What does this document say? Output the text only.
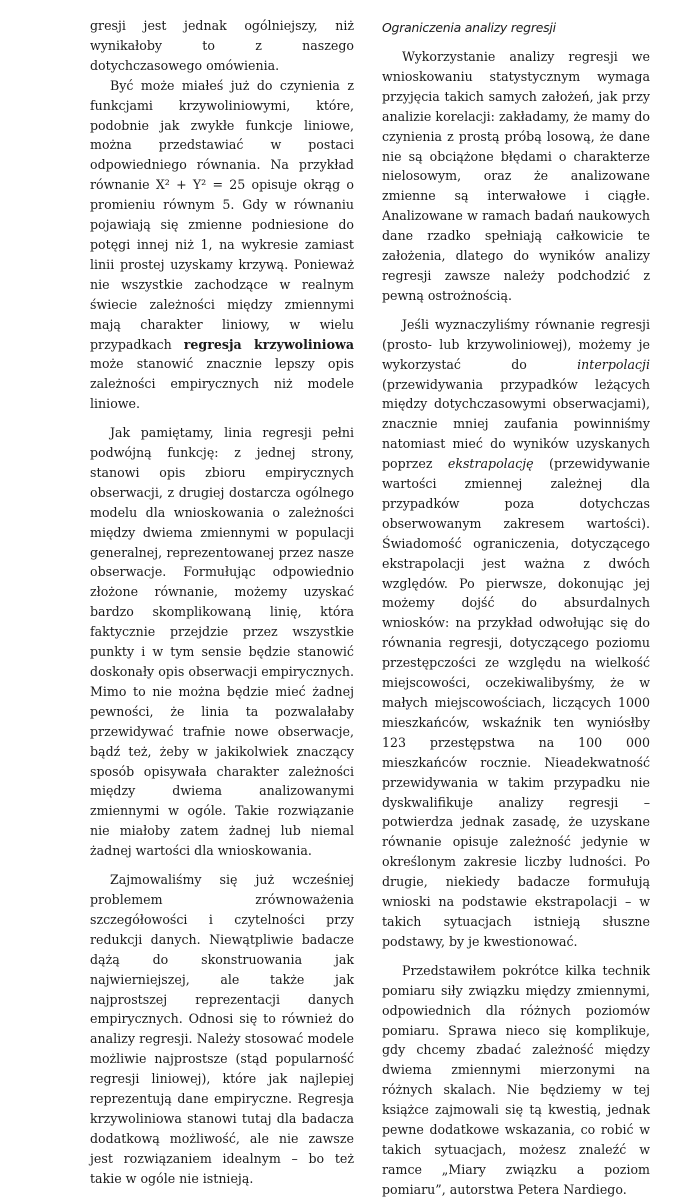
gresji jest jednak ogólniejszy, niż wynikałoby to z naszego dotychczasowego omówienia.

Być może miałeś już do czynienia z funkcjami krzywoliniowymi, które, podobnie jak zwykłe funkcje liniowe, można przedstawiać w postaci odpowiedniego równania. Na przykład równanie X² + Y² = 25 opisuje okrąg o promieniu równym 5. Gdy w równaniu pojawiają się zmienne podniesione do potęgi innej niż 1, na wykresie zamiast linii prostej uzyskamy krzywą. Ponieważ nie wszystkie zachodzące w realnym świecie zależności między zmiennymi mają charakter liniowy, w wielu przypadkach regresja krzywoliniowa może stanowić znacznie lepszy opis zależności empirycznych niż modele liniowe.

Jak pamiętamy, linia regresji pełni podwójną funkcję: z jednej strony, stanowi opis zbioru empirycznych obserwacji, z drugiej dostarcza ogólnego modelu dla wnioskowania o zależności między dwiema zmiennymi w populacji generalnej, reprezentowanej przez nasze obserwacje. Formułując odpowiednio złożone równanie, możemy uzyskać bardzo skomplikowaną linię, która faktycznie przejdzie przez wszystkie punkty i w tym sensie będzie stanowić doskonały opis obserwacji empirycznych. Mimo to nie można będzie mieć żadnej pewności, że linia ta pozwalałaby przewidywać trafnie nowe obserwacje, bądź też, żeby w jakikolwiek znaczący sposób opisywała charakter zależności między dwiema analizowanymi zmiennymi w ogóle. Takie rozwiązanie nie miałoby zatem żadnej lub niemal żadnej wartości dla wnioskowania.

Zajmowaliśmy się już wcześniej problemem zrównoważenia szczegółowości i czytelności przy redukcji danych. Niewątpliwie badacze dążą do skonstruowania jak najwierniejszej, ale także jak najprostszej reprezentacji danych empirycznych. Odnosi się to również do analizy regresji. Należy stosować modele możliwie najprostsze (stąd popularność regresji liniowej), które jak najlepiej reprezentują dane empiryczne. Regresja krzywoliniowa stanowi tutaj dla badacza dodatkową możliwość, ale nie zawsze jest rozwiązaniem idealnym – bo też takie w ogóle nie istnieją.

Ograniczenia analizy regresji

Wykorzystanie analizy regresji we wnioskowaniu statystycznym wymaga przyjęcia takich samych założeń, jak przy analizie korelacji: zakładamy, że mamy do czynienia z prostą próbą losową, że dane nie są obciążone błędami o charakterze nielosowym, oraz że analizowane zmienne są interwałowe i ciągłe. Analizowane w ramach badań naukowych dane rzadko spełniają całkowicie te założenia, dlatego do wyników analizy regresji zawsze należy podchodzić z pewną ostrożnością.

Jeśli wyznaczyliśmy równanie regresji (prosto- lub krzywoliniowej), możemy je wykorzystać do	interpolacji (przewidywania przypadków leżących między dotychczasowymi obserwacjami), znacznie mniej zaufania powinniśmy natomiast mieć do wyników uzyskanych poprzez ekstrapolację (przewidywanie wartości zmiennej zależnej dla przypadków poza dotychczas obserwowanym zakresem wartości). Świadomość ograniczenia, dotyczącego ekstrapolacji jest ważna z dwóch względów. Po pierwsze, dokonując jej możemy dojść do absurdalnych wniosków: na przykład odwołując się do równania regresji, dotyczącego poziomu przestępczości ze względu na wielkość miejscowości, oczekiwalibyśmy, że w małych miejscowościach, liczących 1000 mieszkańców, wskaźnik ten wyniósłby 123 przestępstwa na 100 000 mieszkańców rocznie. Nieadekwatność przewidywania w takim przypadku nie dyskwalifikuje analizy regresji – potwierdza jednak zasadę, że uzyskane równanie opisuje zależność jedynie w określonym zakresie liczby ludności. Po drugie, niekiedy badacze formułują wnioski na podstawie ekstrapolacji – w takich sytuacjach istnieją słuszne podstawy, by je kwestionować.

Przedstawiłem pokrótce kilka technik pomiaru siły związku między zmiennymi, odpowiednich dla różnych poziomów pomiaru. Sprawa nieco się komplikuje, gdy chcemy zbadać zależność między dwiema zmiennymi mierzonymi na różnych skalach. Nie będziemy w tej książce zajmowali się tą kwestią, jednak pewne dodatkowe wskazania, co robić w takich sytuacjach, możesz znaleźć w ramce „Miary związku a poziom pomiaru”, autorstwa Petera Nardiego.
